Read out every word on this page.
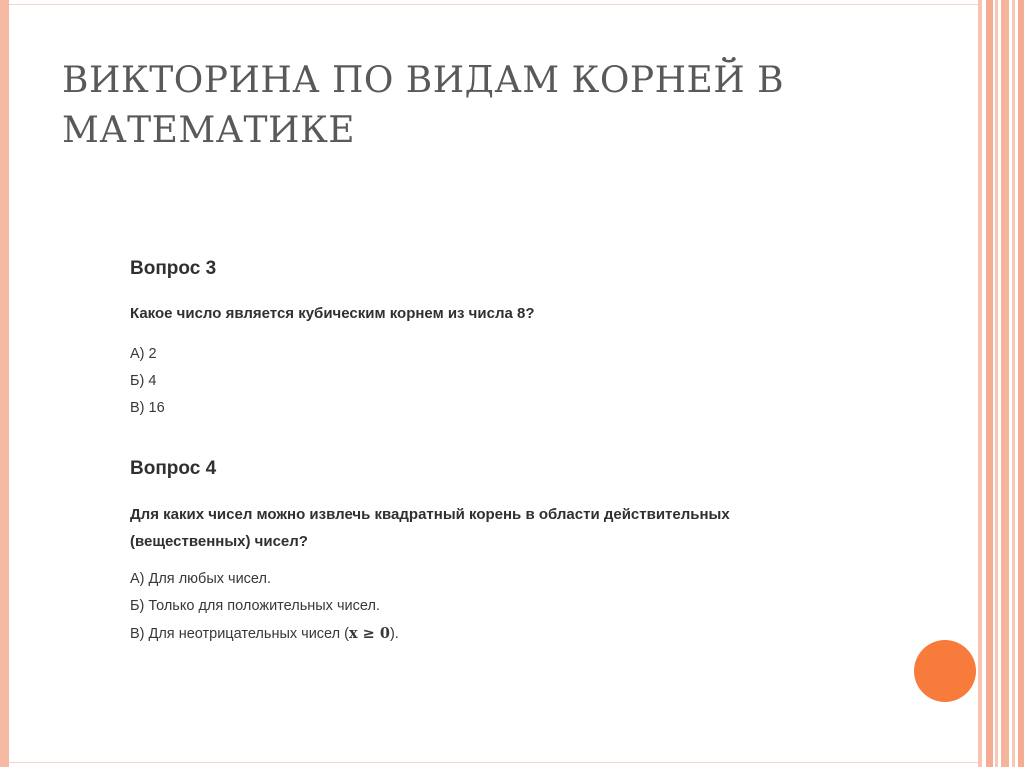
ВИКТОРИНА ПО ВИДАМ КОРНЕЙ В МАТЕМАТИКЕ

Вопрос 3

Какое число является кубическим корнем из числа 8?

А) 2

Б) 4

В) 16

Вопрос 4

Для каких чисел можно извлечь квадратный корень в области действительных

(вещественных) чисел?

А) Для любых чисел.

Б) Только для положительных чисел.

В) Для неотрицательных чисел (x ≥ 0).
